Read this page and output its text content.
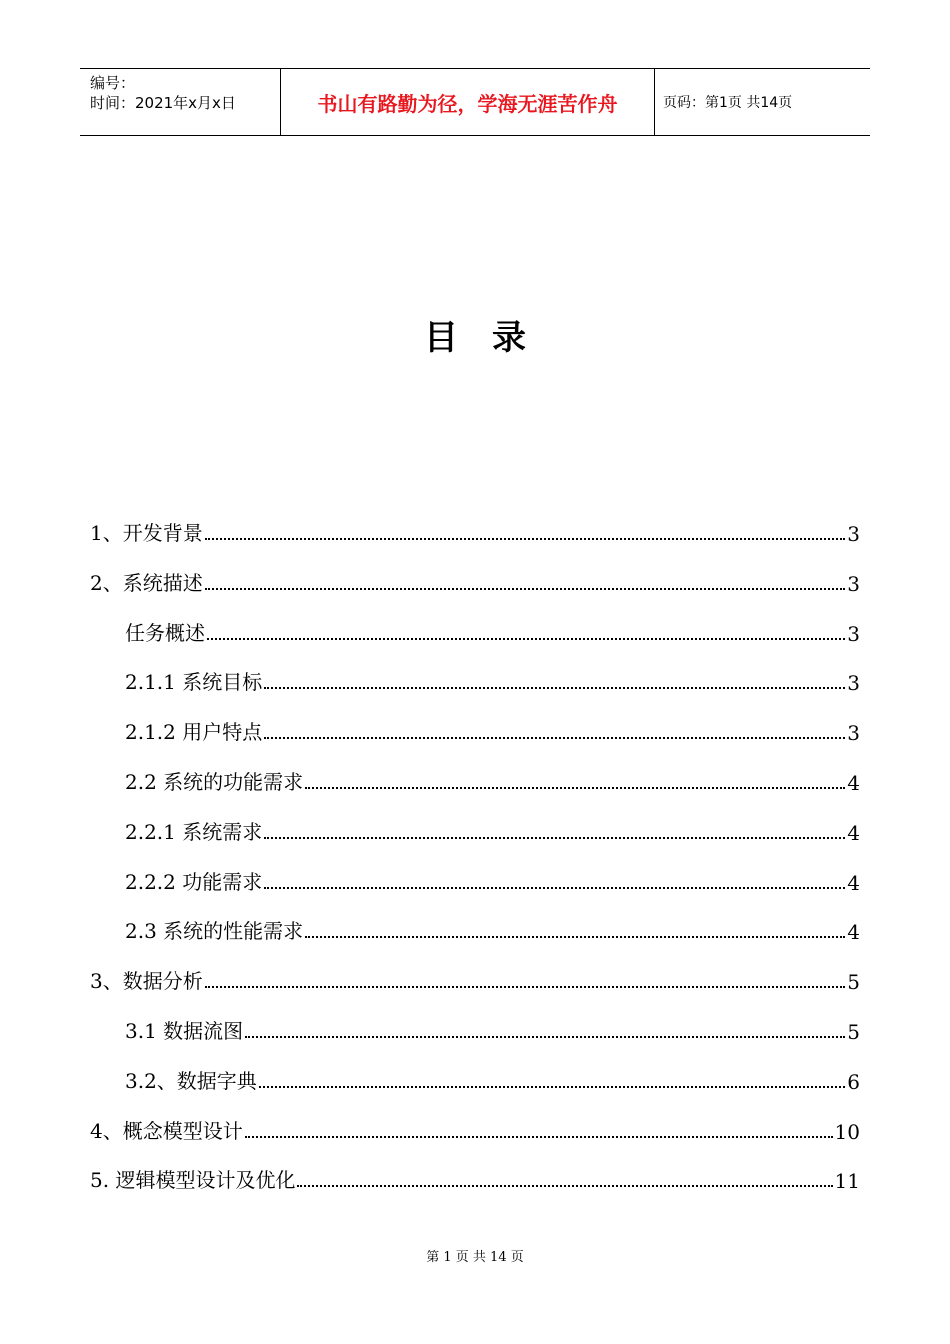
编号：
时间：2021年x月x日	书山有路勤为径，学海无涯苦作舟	页码：第1页 共14页
目录
1、开发背景	3
2、系统描述	3
任务概述	3
2.1.1 系统目标	3
2.1.2 用户特点	3
2.2 系统的功能需求	4
2.2.1 系统需求	4
2.2.2 功能需求	4
2.3 系统的性能需求	4
3、数据分析	5
3.1 数据流图	5
3.2、数据字典	6
4、概念模型设计	10
5. 逻辑模型设计及优化	11
第 1 页 共 14 页
